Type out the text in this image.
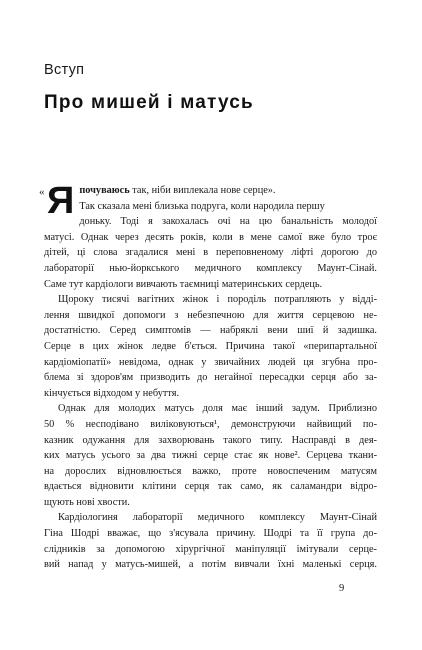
Вступ
Про мишей і матусь
« Я почуваюсь так, ніби виплекала нове серце».
Так сказала мені близька подруга, коли народила першу
доньку. Тоді я закохалась очі на цю банальність молодої
матусі. Однак через десять років, коли в мене самої вже було троє
дітей, ці слова згадалися мені в переповненому ліфті дорогою до
лабораторії нью-йоркського медичного комплексу Маунт-Сінай.
Саме тут кардіологи вивчають таємниці материнських сердець.
Щороку тисячі вагітних жінок і породіль потрапляють у відді-
лення швидкої допомоги з небезпечною для життя серцевою не-
достатністю. Серед симптомів — набряклі вени шиї й задишка.
Серце в цих жінок ледве б'ється. Причина такої «перипартальної
кардіоміопатії» невідома, однак у звичайних людей ця згубна про-
блема зі здоров'ям призводить до негайної пересадки серця або за-
кінчується відходом у небуття.
Однак для молодих матусь доля має інший задум. Приблизно
50 % несподівано виліковуються¹, демонструючи найвищий по-
казник одужання для захворювань такого типу. Насправді в дея-
ких матусь усього за два тижні серце стає як нове². Серцева ткани-
на дорослих відновлюється важко, проте новоспеченим матусям
вдається відновити клітини серця так само, як саламандри відро-
щують нові хвости.
Кардіологиня лабораторії медичного комплексу Маунт-Сінай
Гіна Шодрі вважає, що з'ясувала причину. Шодрі та її група до-
слідників за допомогою хірургічної маніпуляції імітували серце-
вий напад у матусь-мишей, а потім вивчали їхні маленькі серця.
9
